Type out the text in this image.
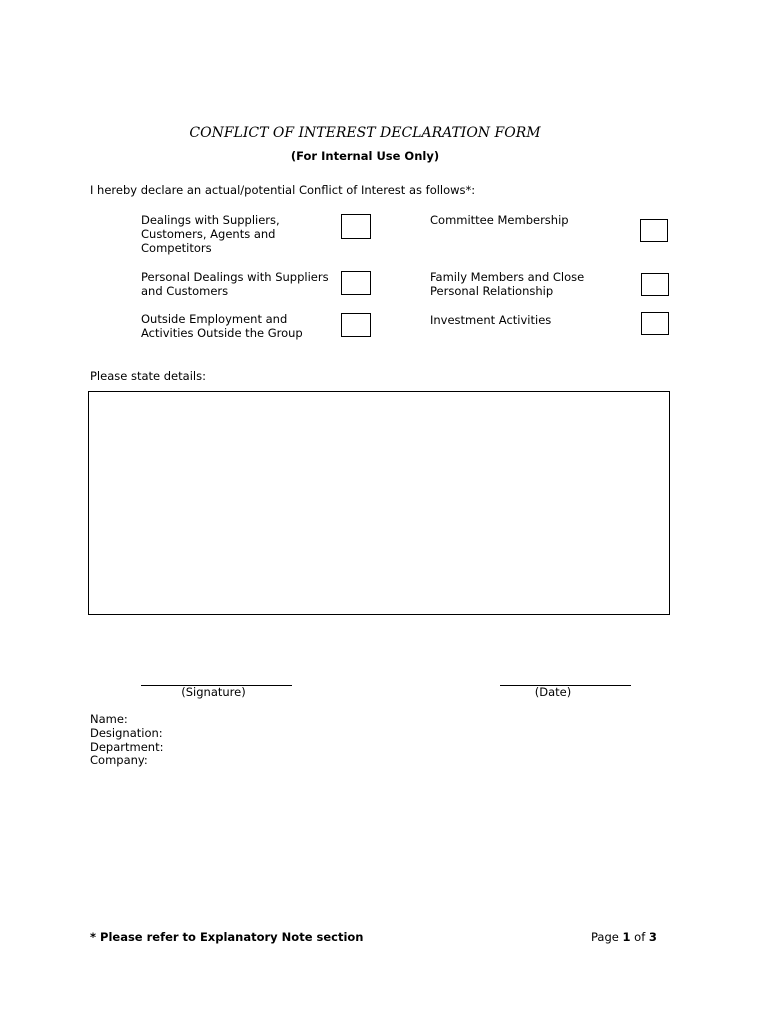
CONFLICT OF INTEREST DECLARATION FORM
(For Internal Use Only)
I hereby declare an actual/potential Conflict of Interest as follows*:
Dealings with Suppliers, Customers, Agents and Competitors
Committee Membership
Personal Dealings with Suppliers and Customers
Family Members and Close Personal Relationship
Outside Employment and Activities Outside the Group
Investment Activities
Please state details:
(Signature)	(Date)
Name:
Designation:
Department:
Company:
* Please refer to Explanatory Note section	Page 1 of 3
